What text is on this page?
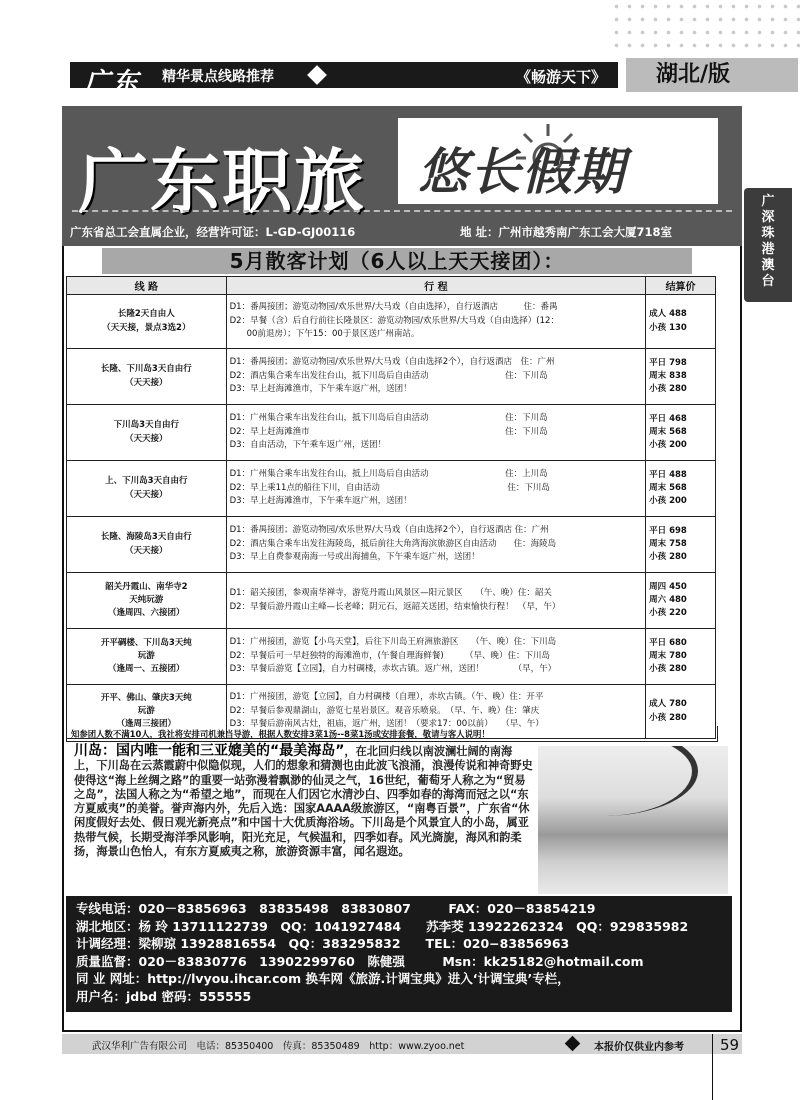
广东 精华景点线路推荐	《畅游天下》	湖北/版
广
深
珠
港
澳
台
广东职旅 悠长假期
广东省总工会直属企业，经营许可证：L-GD-GJ00116	地 址：广州市越秀南广东工会大厦718室
5月散客计划（6人以上天天接团）：
线 路	行 程	结算价

长隆2天自由人
（天天接，景点3选2）	D1：番禺接团；游览动物园/欢乐世界/大马戏（自由选择），自行返酒店　　　住：番禺
D2：早餐（含）后自行前往长隆景区：游览动物园/欢乐世界/大马戏（自由选择）(12：
　　00前退房）；下午15：00于景区送广州南站。	成人 488
小孩 130

长隆、下川岛3天自由行
（天天接）	D1：番禺接团；游览动物园/欢乐世界/大马戏（自由选择2个），自行返酒店　住：广州
D2：酒店集合乘车出发往台山，抵下川岛后自由活动　　　　　　　　　住：下川岛
D3：早上赶海滩渔市，下午乘车返广州，送团！	平日 798
周末 838
小孩 280

下川岛3天自由行
（天天接）	D1：广州集合乘车出发往台山，抵下川岛后自由活动　　　　　　　　　住：下川岛
D2：早上赶海滩渔市　　　　　　　　　　　　　　　　　　　　　　　住：下川岛
D3：自由活动，下午乘车返广州，送团！	平日 468
周末 568
小孩 200

上、下川岛3天自由行
（天天接）	D1：广州集合乘车出发往台山，抵上川岛后自由活动　　　　　　　　　住：上川岛
D2：早上乘11点的船往下川，自由活动　　　　　　　　　　　　　　　住：下川岛
D3：早上赶海滩渔市，下午乘车返广州，送团！	平日 488
周末 568
小孩 200

长隆、海陵岛3天自由行
（天天接）	D1：番禺接团；游览动物园/欢乐世界/大马戏（自由选择2个），自行返酒店 住：广州
D2：酒店集合乘车出发往海陵岛，抵后前往大角湾海滨旅游区自由活动　　住：海陵岛
D3：早上自费参观南海一号或出海捕鱼，下午乘车返广州，送团！	平日 698
周末 758
小孩 280

韶关丹霞山、南华寺2
天纯玩游
（逢周四、六接团）	D1：韶关接团，参观南华禅寺，游览丹霞山风景区—阳元景区　　（午、晚）住：韶关
D2：早餐后游丹霞山主峰—长老峰；阴元石，返韶关送团，结束愉快行程！　（早，午）	周四 450
周六 480
小孩 220

开平碉楼、下川岛3天纯
玩游
（逢周一、五接团）	D1：广州接团，游览【小鸟天堂】，后往下川岛王府洲旅游区　　（午、晚）住：下川岛
D2：早餐后可一早赶独特的海滩渔市，(午餐自理海鲜餐)　　　（早、晚）住：下川岛
D3：早餐后游览【立园】，自力村碉楼，赤坎古镇。返广州，送团！　　　　（早，午）	平日 680
周末 780
小孩 280

开平、佛山、肇庆3天纯
玩游
（逢周三接团）	D1：广州接团，游览【立园】，自力村碉楼（自理），赤坎古镇。（午、晚）住：开平
D2：早餐后参观鼎湖山，游览七星岩景区。观音乐喷泉。　（早、午、晚）住：肇庆
D3：早餐后游南风古灶，祖庙，返广州，送团！（要求17：00以前）　　（早、午）	成人 780
小孩 280
知参团人数不满10人，我社将安排司机兼当导游，根据人数安排3菜1汤--8菜1汤或安排套餐，敬请与客人说明！
川岛：国内唯一能和三亚媲美的“最美海岛”，在北回归线以南波澜壮阔的南海上，下川岛在云蒸霞蔚中似隐似现，人们的想象和猜测也由此波飞浪涌，浪漫传说和神奇野史使得这“海上丝绸之路”的重要一站弥漫着飘渺的仙灵之气，16世纪，葡萄牙人称之为“贸易之岛”，法国人称之为“希望之地”，而现在人们因它水清沙白、四季如春的海湾而冠之以“东方夏威夷”的美誉。誉声海内外，先后入选：国家AAAA级旅游区，“南粤百景”，广东省“休闲度假好去处、假日观光新亮点”和中国十大优质海浴场。下川岛是个风景宜人的小岛，属亚热带气候，长期受海洋季风影响，阳光充足，气候温和，四季如春。风光旖旎，海风和韵柔扬，海景山色怡人，有东方夏威夷之称，旅游资源丰富，闻名遐迩。
专线电话：020－83856963　83835498　83830807　　　FAX：020－83854219
湖北地区：杨 玲 13711122739　QQ：1041927484　　苏李茭 13922262324　QQ：929835982
计调经理：梁柳琼 13928816554　QQ：383295832　　TEL：020−83856963
质量监督：020－83830776　13902299760　陈健强　　　Msn：kk25182@hotmail.com
同 业 网址：http://lvyou.ihcar.com 换车网《旅游.计调宝典》进入‘计调宝典’专栏，
用户名：jdbd 密码：555555
武汉华利广告有限公司　电话：85350400　传真：85350489　http：www.zyoo.net	本报价仅供业内参考 59
